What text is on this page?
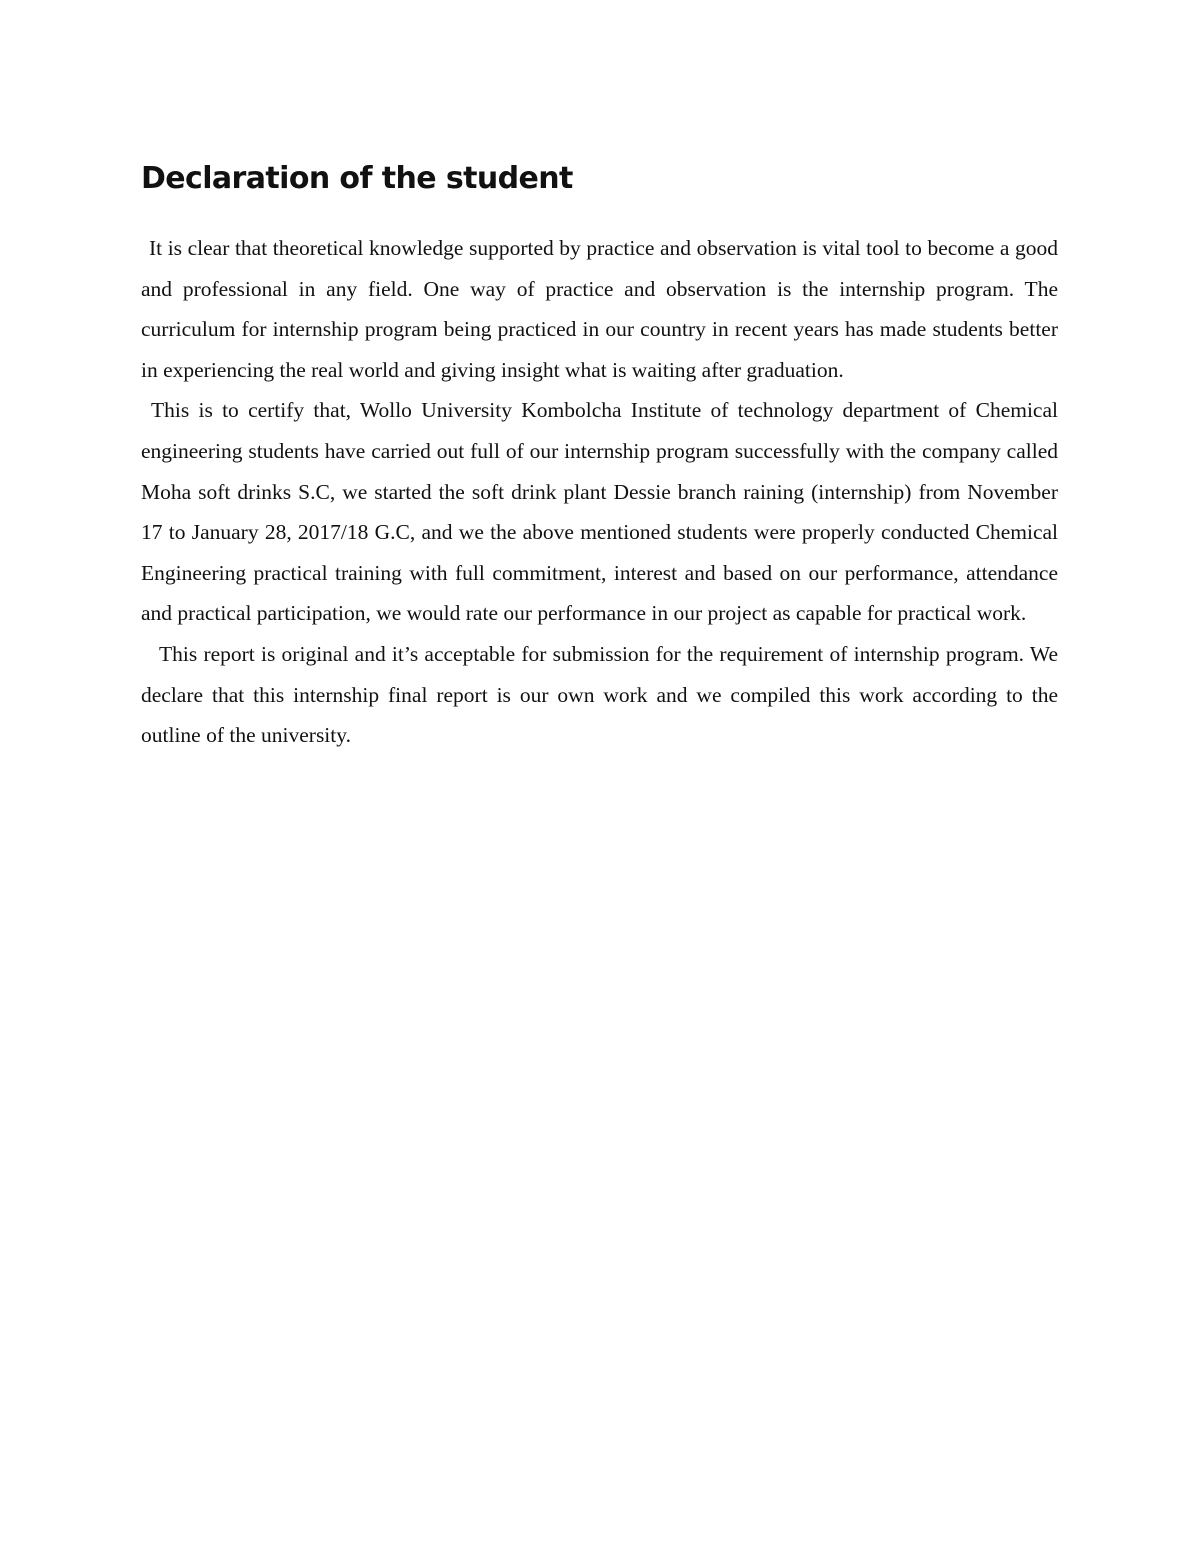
Declaration of the student

It is clear that theoretical knowledge supported by practice and observation is vital tool to become a good and professional in any field. One way of practice and observation is the internship program. The curriculum for internship program being practiced in our country in recent years has made students better in experiencing the real world and giving insight what is waiting after graduation.

This is to certify that, Wollo University Kombolcha Institute of technology department of Chemical engineering students have carried out full of our internship program successfully with the company called Moha soft drinks S.C, we started the soft drink plant Dessie branch raining (internship) from November 17 to January 28, 2017/18 G.C, and we the above mentioned students were properly conducted Chemical Engineering practical training with full commitment, interest and based on our performance, attendance and practical participation, we would rate our performance in our project as capable for practical work.

This report is original and it’s acceptable for submission for the requirement of internship program. We declare that this internship final report is our own work and we compiled this work according to the outline of the university.
